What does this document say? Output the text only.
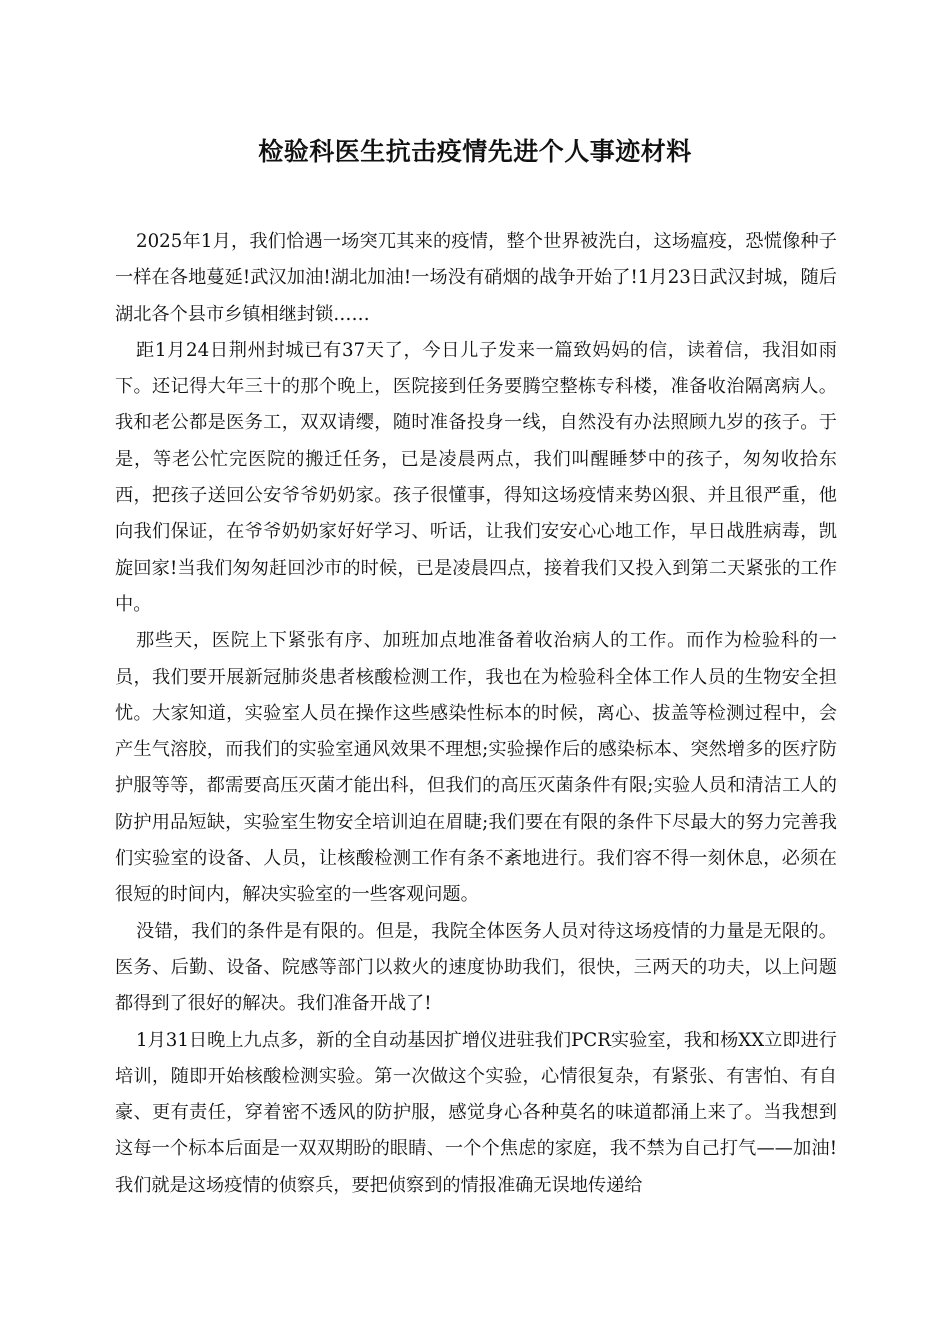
检验科医生抗击疫情先进个人事迹材料

2025年1月，我们恰遇一场突兀其来的疫情，整个世界被洗白，这场瘟疫，恐慌像种子一样在各地蔓延!武汉加油!湖北加油!一场没有硝烟的战争开始了!1月23日武汉封城，随后湖北各个县市乡镇相继封锁……

距1月24日荆州封城已有37天了，今日儿子发来一篇致妈妈的信，读着信，我泪如雨下。还记得大年三十的那个晚上，医院接到任务要腾空整栋专科楼，准备收治隔离病人。我和老公都是医务工，双双请缨，随时准备投身一线，自然没有办法照顾九岁的孩子。于是，等老公忙完医院的搬迁任务，已是凌晨两点，我们叫醒睡梦中的孩子，匆匆收拾东西，把孩子送回公安爷爷奶奶家。孩子很懂事，得知这场疫情来势凶狠、并且很严重，他向我们保证，在爷爷奶奶家好好学习、听话，让我们安安心心地工作，早日战胜病毒，凯旋回家!当我们匆匆赶回沙市的时候，已是凌晨四点，接着我们又投入到第二天紧张的工作中。

那些天，医院上下紧张有序、加班加点地准备着收治病人的工作。而作为检验科的一员，我们要开展新冠肺炎患者核酸检测工作，我也在为检验科全体工作人员的生物安全担忧。大家知道，实验室人员在操作这些感染性标本的时候，离心、拔盖等检测过程中，会产生气溶胶，而我们的实验室通风效果不理想;实验操作后的感染标本、突然增多的医疗防护服等等，都需要高压灭菌才能出科，但我们的高压灭菌条件有限;实验人员和清洁工人的防护用品短缺，实验室生物安全培训迫在眉睫;我们要在有限的条件下尽最大的努力完善我们实验室的设备、人员，让核酸检测工作有条不紊地进行。我们容不得一刻休息，必须在很短的时间内，解决实验室的一些客观问题。

没错，我们的条件是有限的。但是，我院全体医务人员对待这场疫情的力量是无限的。医务、后勤、设备、院感等部门以救火的速度协助我们，很快，三两天的功夫，以上问题都得到了很好的解决。我们准备开战了!

1月31日晚上九点多，新的全自动基因扩增仪进驻我们PCR实验室，我和杨XX立即进行培训，随即开始核酸检测实验。第一次做这个实验，心情很复杂，有紧张、有害怕、有自豪、更有责任，穿着密不透风的防护服，感觉身心各种莫名的味道都涌上来了。当我想到这每一个标本后面是一双双期盼的眼睛、一个个焦虑的家庭，我不禁为自己打气——加油!我们就是这场疫情的侦察兵，要把侦察到的情报准确无误地传递给
